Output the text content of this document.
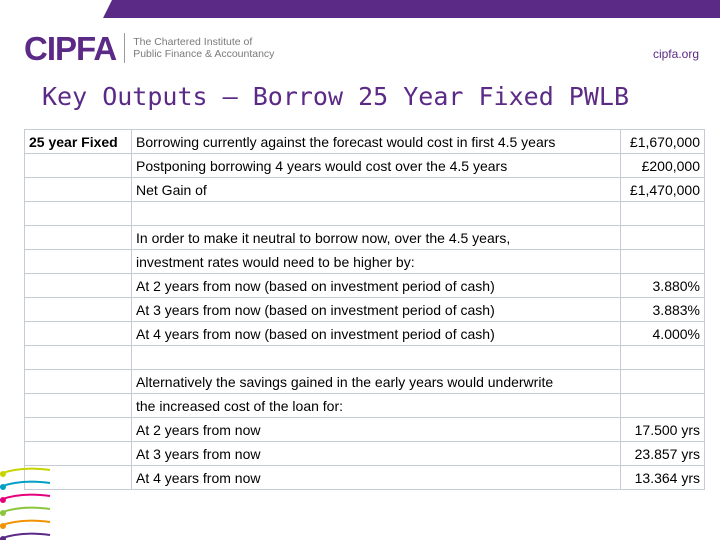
CIPFA The Chartered Institute of
Public Finance & Accountancy	cipfa.org
Key Outputs – Borrow 25 Year Fixed PWLB
25 year Fixed	Borrowing currently against the forecast would cost in first 4.5 years	£1,670,000
	Postponing borrowing 4 years would cost over the 4.5 years	£200,000
	Net Gain of	£1,470,000

	In order to make it neutral to borrow now, over the 4.5 years,	
	investment rates would need to be higher by:	
	At 2 years from now (based on investment period of cash)	3.880%
	At 3 years from now (based on investment period of cash)	3.883%
	At 4 years from now (based on investment period of cash)	4.000%

	Alternatively the savings gained in the early years would underwrite	
	the increased cost of the loan for:	
	At 2 years from now	17.500 yrs
	At 3 years from now	23.857 yrs
	At 4 years from now	13.364 yrs
